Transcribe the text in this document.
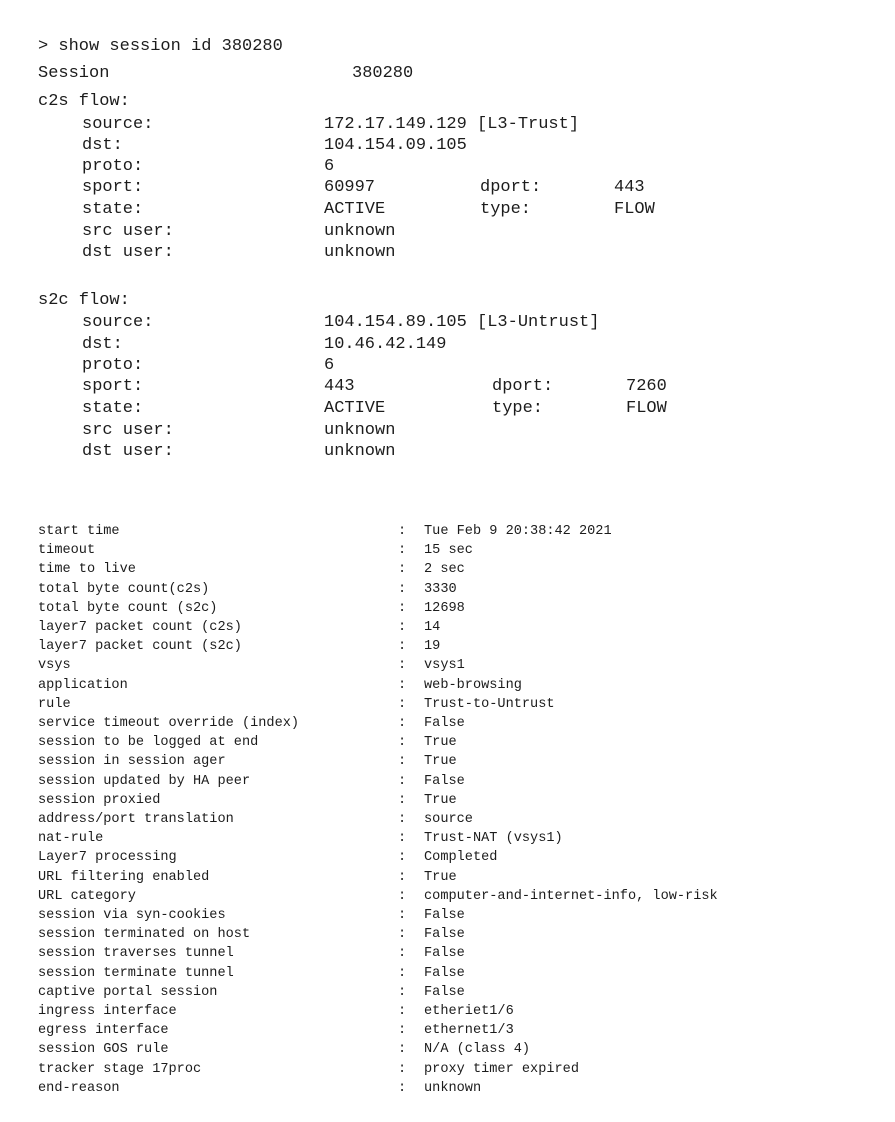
> show session id 380280
Session	380280
c2s flow:
source:	172.17.149.129 [L3-Trust]
dst:	104.154.09.105
proto:	6
sport:	60997	dport:	443
state:	ACTIVE	type:	FLOW
src user:	unknown
dst user:	unknown
s2c flow:
source:	104.154.89.105 [L3-Untrust]
dst:	10.46.42.149
proto:	6
sport:	443	dport:	7260
state:	ACTIVE	type:	FLOW
src user:	unknown
dst user:	unknown
start time	: Tue Feb 9 20:38:42 2021
timeout	: 15 sec
time to live	: 2 sec
total byte count(c2s)	: 3330
total byte count (s2c)	: 12698
layer7 packet count (c2s)	: 14
layer7 packet count (s2c)	: 19
vsys	: vsys1
application	: web-browsing
rule	: Trust-to-Untrust
service timeout override (index)	: False
session to be logged at end	: True
session in session ager	: True
session updated by HA peer	: False
session proxied	: True
address/port translation	: source
nat-rule	: Trust-NAT (vsys1)
Layer7 processing	: Completed
URL filtering enabled	: True
URL category	: computer-and-internet-info, low-risk
session via syn-cookies	: False
session terminated on host	: False
session traverses tunnel	: False
session terminate tunnel	: False
captive portal session	: False
ingress interface	: etheriet1/6
egress interface	: ethernet1/3
session GOS rule	: N/A (class 4)
tracker stage 17proc	: proxy timer expired
end-reason	: unknown
